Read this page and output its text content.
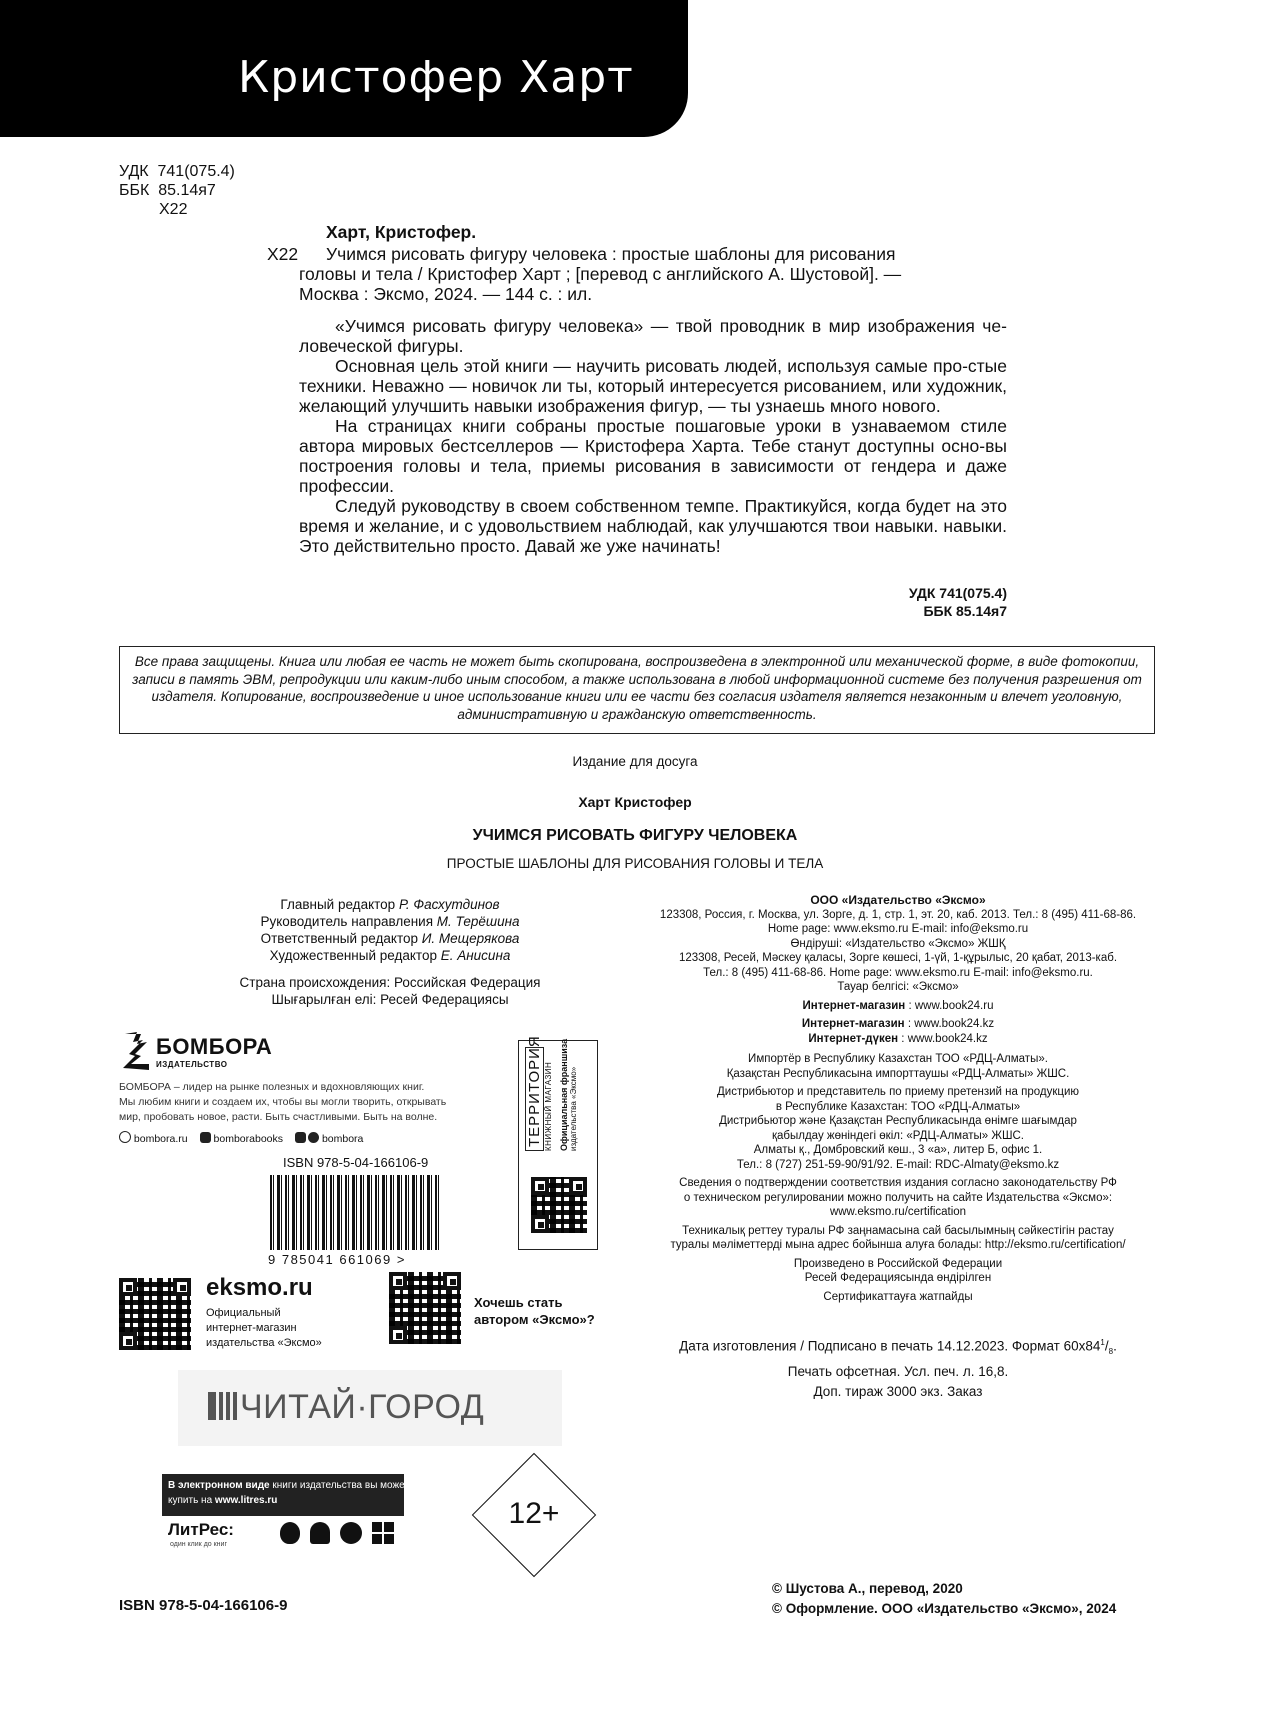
Кристофер Харт
УДК  741(075.4)
ББК  85.14я7
Х22
Харт, Кристофер.
Х22 Учимся рисовать фигуру человека : простые шаблоны для рисования
головы и тела / Кристофер Харт ; [перевод с английского А. Шустовой]. —
Москва : Эксмо, 2024. — 144 с. : ил.

«Учимся рисовать фигуру человека» — твой проводник в мир изображения че-ловеческой фигуры.

Основная цель этой книги — научить рисовать людей, используя самые про-стые техники. Неважно — новичок ли ты, который интересуется рисованием, или художник, желающий улучшить навыки изображения фигур, — ты узнаешь много нового.

На страницах книги собраны простые пошаговые уроки в узнаваемом стиле автора мировых бестселлеров — Кристофера Харта. Тебе станут доступны осно-вы построения головы и тела, приемы рисования в зависимости от гендера и даже профессии.

Следуй руководству в своем собственном темпе. Практикуйся, когда будет на это время и желание, и с удовольствием наблюдай, как улучшаются твои навыки. навыки. Это действительно просто. Давай же уже начинать!

УДК 741(075.4)
ББК 85.14я7
Все права защищены. Книга или любая ее часть не может быть скопирована, воспроизведена в электронной или механической форме, в виде фотокопии, записи в память ЭВМ, репродукции или каким-либо иным способом, а также использована в любой информационной системе без получения разрешения от издателя. Копирование, воспроизведение и иное использование книги или ее части без согласия издателя является незаконным и влечет уголовную, административную и гражданскую ответственность.
Издание для досуга
Харт Кристофер
УЧИМСЯ РИСОВАТЬ ФИГУРУ ЧЕЛОВЕКА
ПРОСТЫЕ ШАБЛОНЫ ДЛЯ РИСОВАНИЯ ГОЛОВЫ И ТЕЛА
Главный редактор Р. Фасхутдинов
Руководитель направления М. Терёшина
Ответственный редактор И. Мещерякова
Художественный редактор Е. Анисина
Страна происхождения: Российская Федерация
Шығарылған елі: Ресей Федерациясы
БОМБОРА
ИЗДАТЕЛЬСТВО
БОМБОРА – лидер на рынке полезных и вдохновляющих книг.
Мы любим книги и создаем их, чтобы вы могли творить, открывать
мир, пробовать новое, расти. Быть счастливыми. Быть на волне.
bombora.ru	bomborabooks	bombora
ISBN 978-5-04-166106-9
9 785041 661069 >
ТЕРРИТОРИЯ КНИЖНЫЙ МАГАЗИН Официальная франшиза издательства «Эксмо»
eksmo.ru
Официальный
интернет-магазин
издательства «Эксмо»
Хочешь стать
автором «Эксмо»?
ЧИТАЙ·ГОРОД
В электронном виде книги издательства вы можете
купить на www.litres.ru
ЛитРес:
один клик до книг
12+
ООО «Издательство «Эксмо»
123308, Россия, г. Москва, ул. Зорге, д. 1, стр. 1, эт. 20, каб. 2013. Тел.: 8 (495) 411-68-86.
Home page: www.eksmo.ru E-mail: info@eksmo.ru
Өндіруші: «Издательство «Эксмо» ЖШҚ
123308, Ресей, Мәскеу қаласы, Зорге көшесі, 1-үй, 1-құрылыс, 20 қабат, 2013-каб.
Тел.: 8 (495) 411-68-86. Home page: www.eksmo.ru E-mail: info@eksmo.ru.
Тауар белгісі: «Эксмо»
Интернет-магазин : www.book24.ru
Интернет-магазин : www.book24.kz
Интернет-дүкен : www.book24.kz
Импортёр в Республику Казахстан ТОО «РДЦ-Алматы».
Қазақстан Республикасына импорттаушы «РДЦ-Алматы» ЖШС.
Дистрибьютор и представитель по приему претензий на продукцию
в Республике Казахстан: ТОО «РДЦ-Алматы»
Дистрибьютор және Қазақстан Республикасында өнімге шағымдар
қабылдау жөніндегі өкіл: «РДЦ-Алматы» ЖШС.
Алматы қ., Домбровский көш., 3 «а», литер Б, офис 1.
Тел.: 8 (727) 251-59-90/91/92. E-mail: RDC-Almaty@eksmo.kz
Сведения о подтверждении соответствия издания согласно законодательству РФ
о техническом регулировании можно получить на сайте Издательства «Эксмо»:
www.eksmo.ru/certification
Техникалық реттеу туралы РФ заңнамасына сай басылымның сәйкестігін растау
туралы мәліметтерді мына адрес бойынша алуға болады: http://eksmo.ru/certification/
Произведено в Российской Федерации
Ресей Федерациясында өндірілген
Сертификаттауға жатпайды
Дата изготовления / Подписано в печать 14.12.2023. Формат $60х84^1/_8$.
Печать офсетная. Усл. печ. л. 16,8.
Доп. тираж 3000 экз. Заказ
ISBN 978-5-04-166106-9
© Шустова А., перевод, 2020
© Оформление. ООО «Издательство «Эксмо», 2024
